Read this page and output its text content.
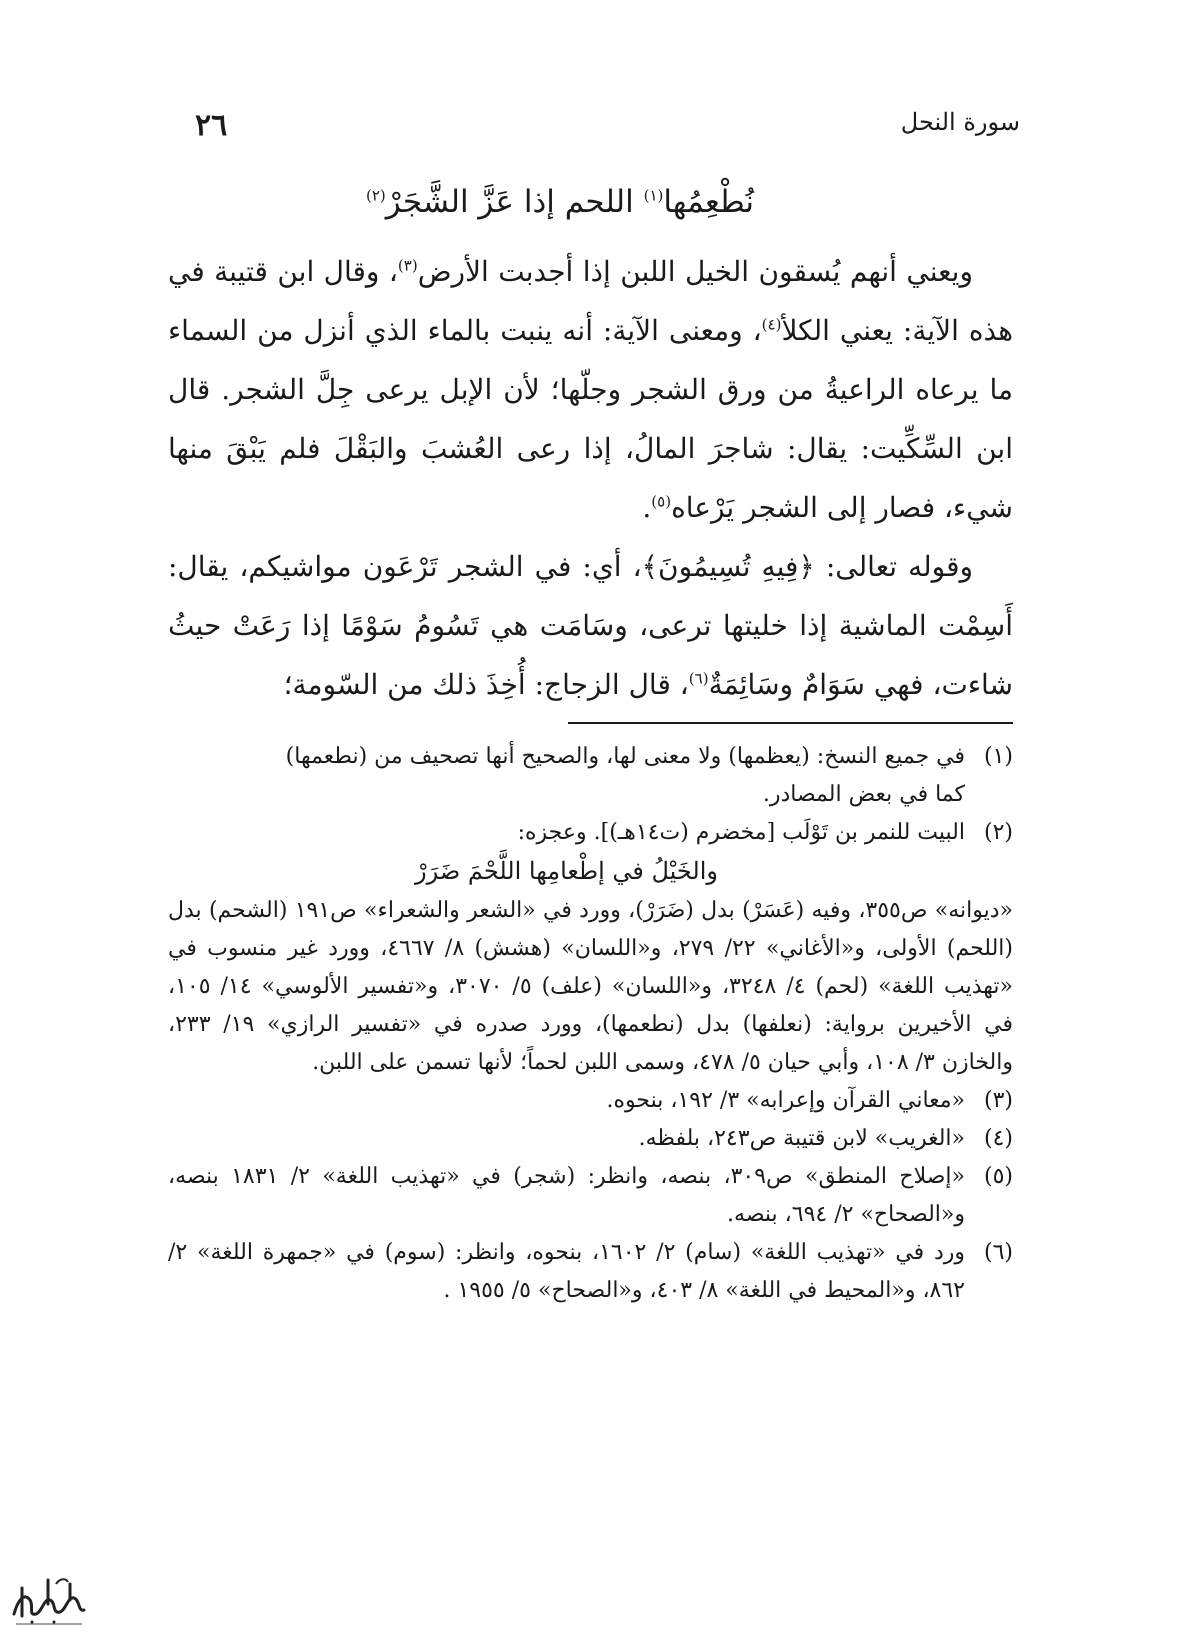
سورة النحل
٢٦
نُطْعِمُها$^{(١)}$ اللحم إذا عَزَّ الشَّجَرْ$^{(٢)}$

ويعني أنهم يُسقون الخيل اللبن إذا أجدبت الأرض$^{(٣)}$، وقال ابن قتيبة في هذه الآية: يعني الكلأ$^{(٤)}$، ومعنى الآية: أنه ينبت بالماء الذي أنزل من السماء ما يرعاه الراعيةُ من ورق الشجر وجلّها؛ لأن الإبل يرعى جِلَّ الشجر. قال ابن السِّكِّيت: يقال: شاجرَ المالُ، إذا رعى العُشبَ والبَقْلَ فلم يَبْقَ منها شيء، فصار إلى الشجر يَرْعاه$^{(٥)}$.

وقوله تعالى: ﴿فِيهِ تُسِيمُونَ﴾، أي: في الشجر تَرْعَون مواشيكم، يقال: أَسِمْت الماشية إذا خليتها ترعى، وسَامَت هي تَسُومُ سَوْمًا إذا رَعَتْ حيثُ شاءت، فهي سَوَامٌ وسَائِمَةٌ$^{(٦)}$، قال الزجاج: أُخِذَ ذلك من السّومة؛

(١)
في جميع النسخ: (يعظمها) ولا معنى لها، والصحيح أنها تصحيف من (نطعمها)
كما في بعض المصادر.
(٢)
البيت للنمر بن تَوْلَب [مخضرم (ت١٤هـ)]. وعجزه:
والخَيْلُ في إطْعامِها اللَّحْمَ ضَرَرْ
«ديوانه» ص٣٥٥، وفيه (عَسَرْ) بدل (ضَرَرْ)، وورد في «الشعر والشعراء» ص١٩١ (الشحم) بدل (اللحم) الأولى، و«الأغاني» ٢٢/ ٢٧٩، و«اللسان» (هشش) ٨/ ٤٦٦٧، وورد غير منسوب في «تهذيب اللغة» (لحم) ٤/ ٣٢٤٨، و«اللسان» (علف) ٥/ ٣٠٧٠، و«تفسير الألوسي» ١٤/ ١٠٥، في الأخيرين برواية: (نعلفها) بدل (نطعمها)، وورد صدره في «تفسير الرازي» ١٩/ ٢٣٣، والخازن ٣/ ١٠٨، وأبي حيان ٥/ ٤٧٨، وسمى اللبن لحماً؛ لأنها تسمن على اللبن.
(٣)
«معاني القرآن وإعرابه» ٣/ ١٩٢، بنحوه.
(٤)
«الغريب» لابن قتيبة ص٢٤٣، بلفظه.
(٥)
«إصلاح المنطق» ص٣٠٩، بنصه، وانظر: (شجر) في «تهذيب اللغة» ٢/ ١٨٣١ بنصه، و«الصحاح» ٢/ ٦٩٤، بنصه.
(٦)
ورد في «تهذيب اللغة» (سام) ٢/ ١٦٠٢، بنحوه، وانظر: (سوم) في «جمهرة اللغة» ٢/ ٨٦٢، و«المحيط في اللغة» ٨/ ٤٠٣، و«الصحاح» ٥/ ١٩٥٥ .
